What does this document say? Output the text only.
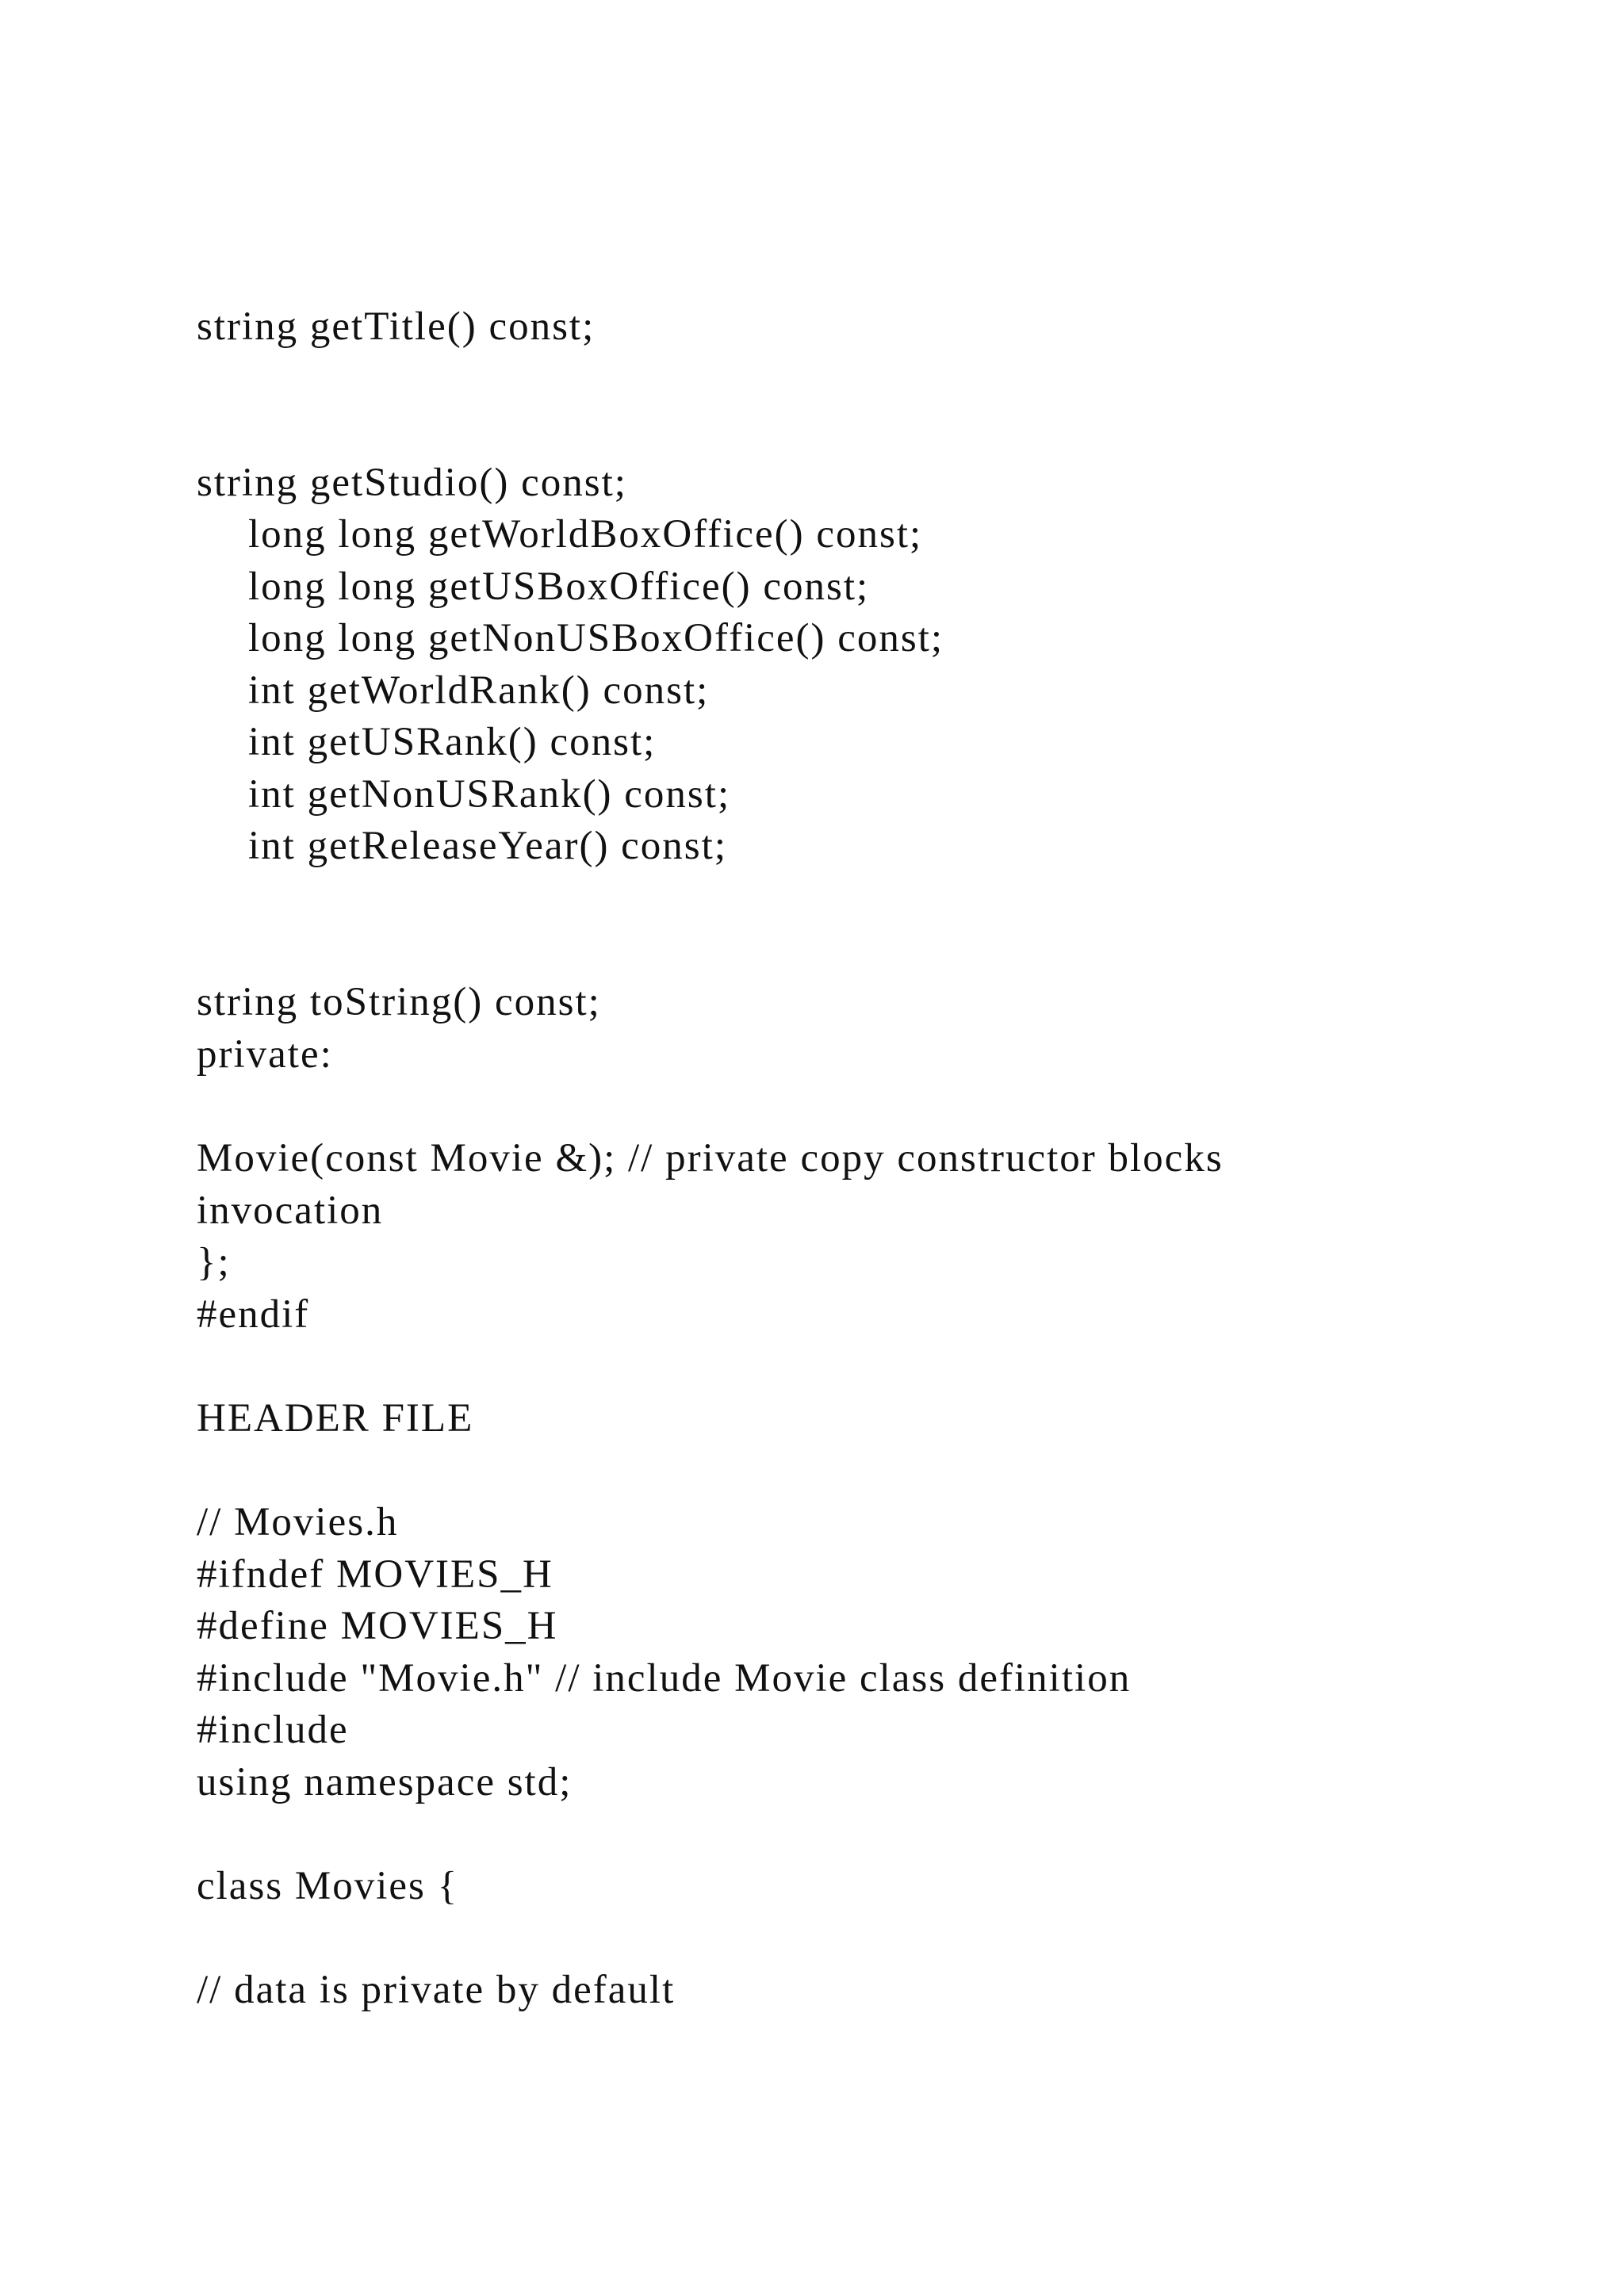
string getTitle() const;

string getStudio() const;

long long getWorldBoxOffice() const;

long long getUSBoxOffice() const;

long long getNonUSBoxOffice() const;

int getWorldRank() const;

int getUSRank() const;

int getNonUSRank() const;

int getReleaseYear() const;

string toString() const;

private:

Movie(const Movie &); // private copy constructor blocks

invocation

};

#endif

HEADER FILE

// Movies.h

#ifndef MOVIES_H

#define MOVIES_H

#include "Movie.h" // include Movie class definition

#include

using namespace std;

class Movies {

// data is private by default
